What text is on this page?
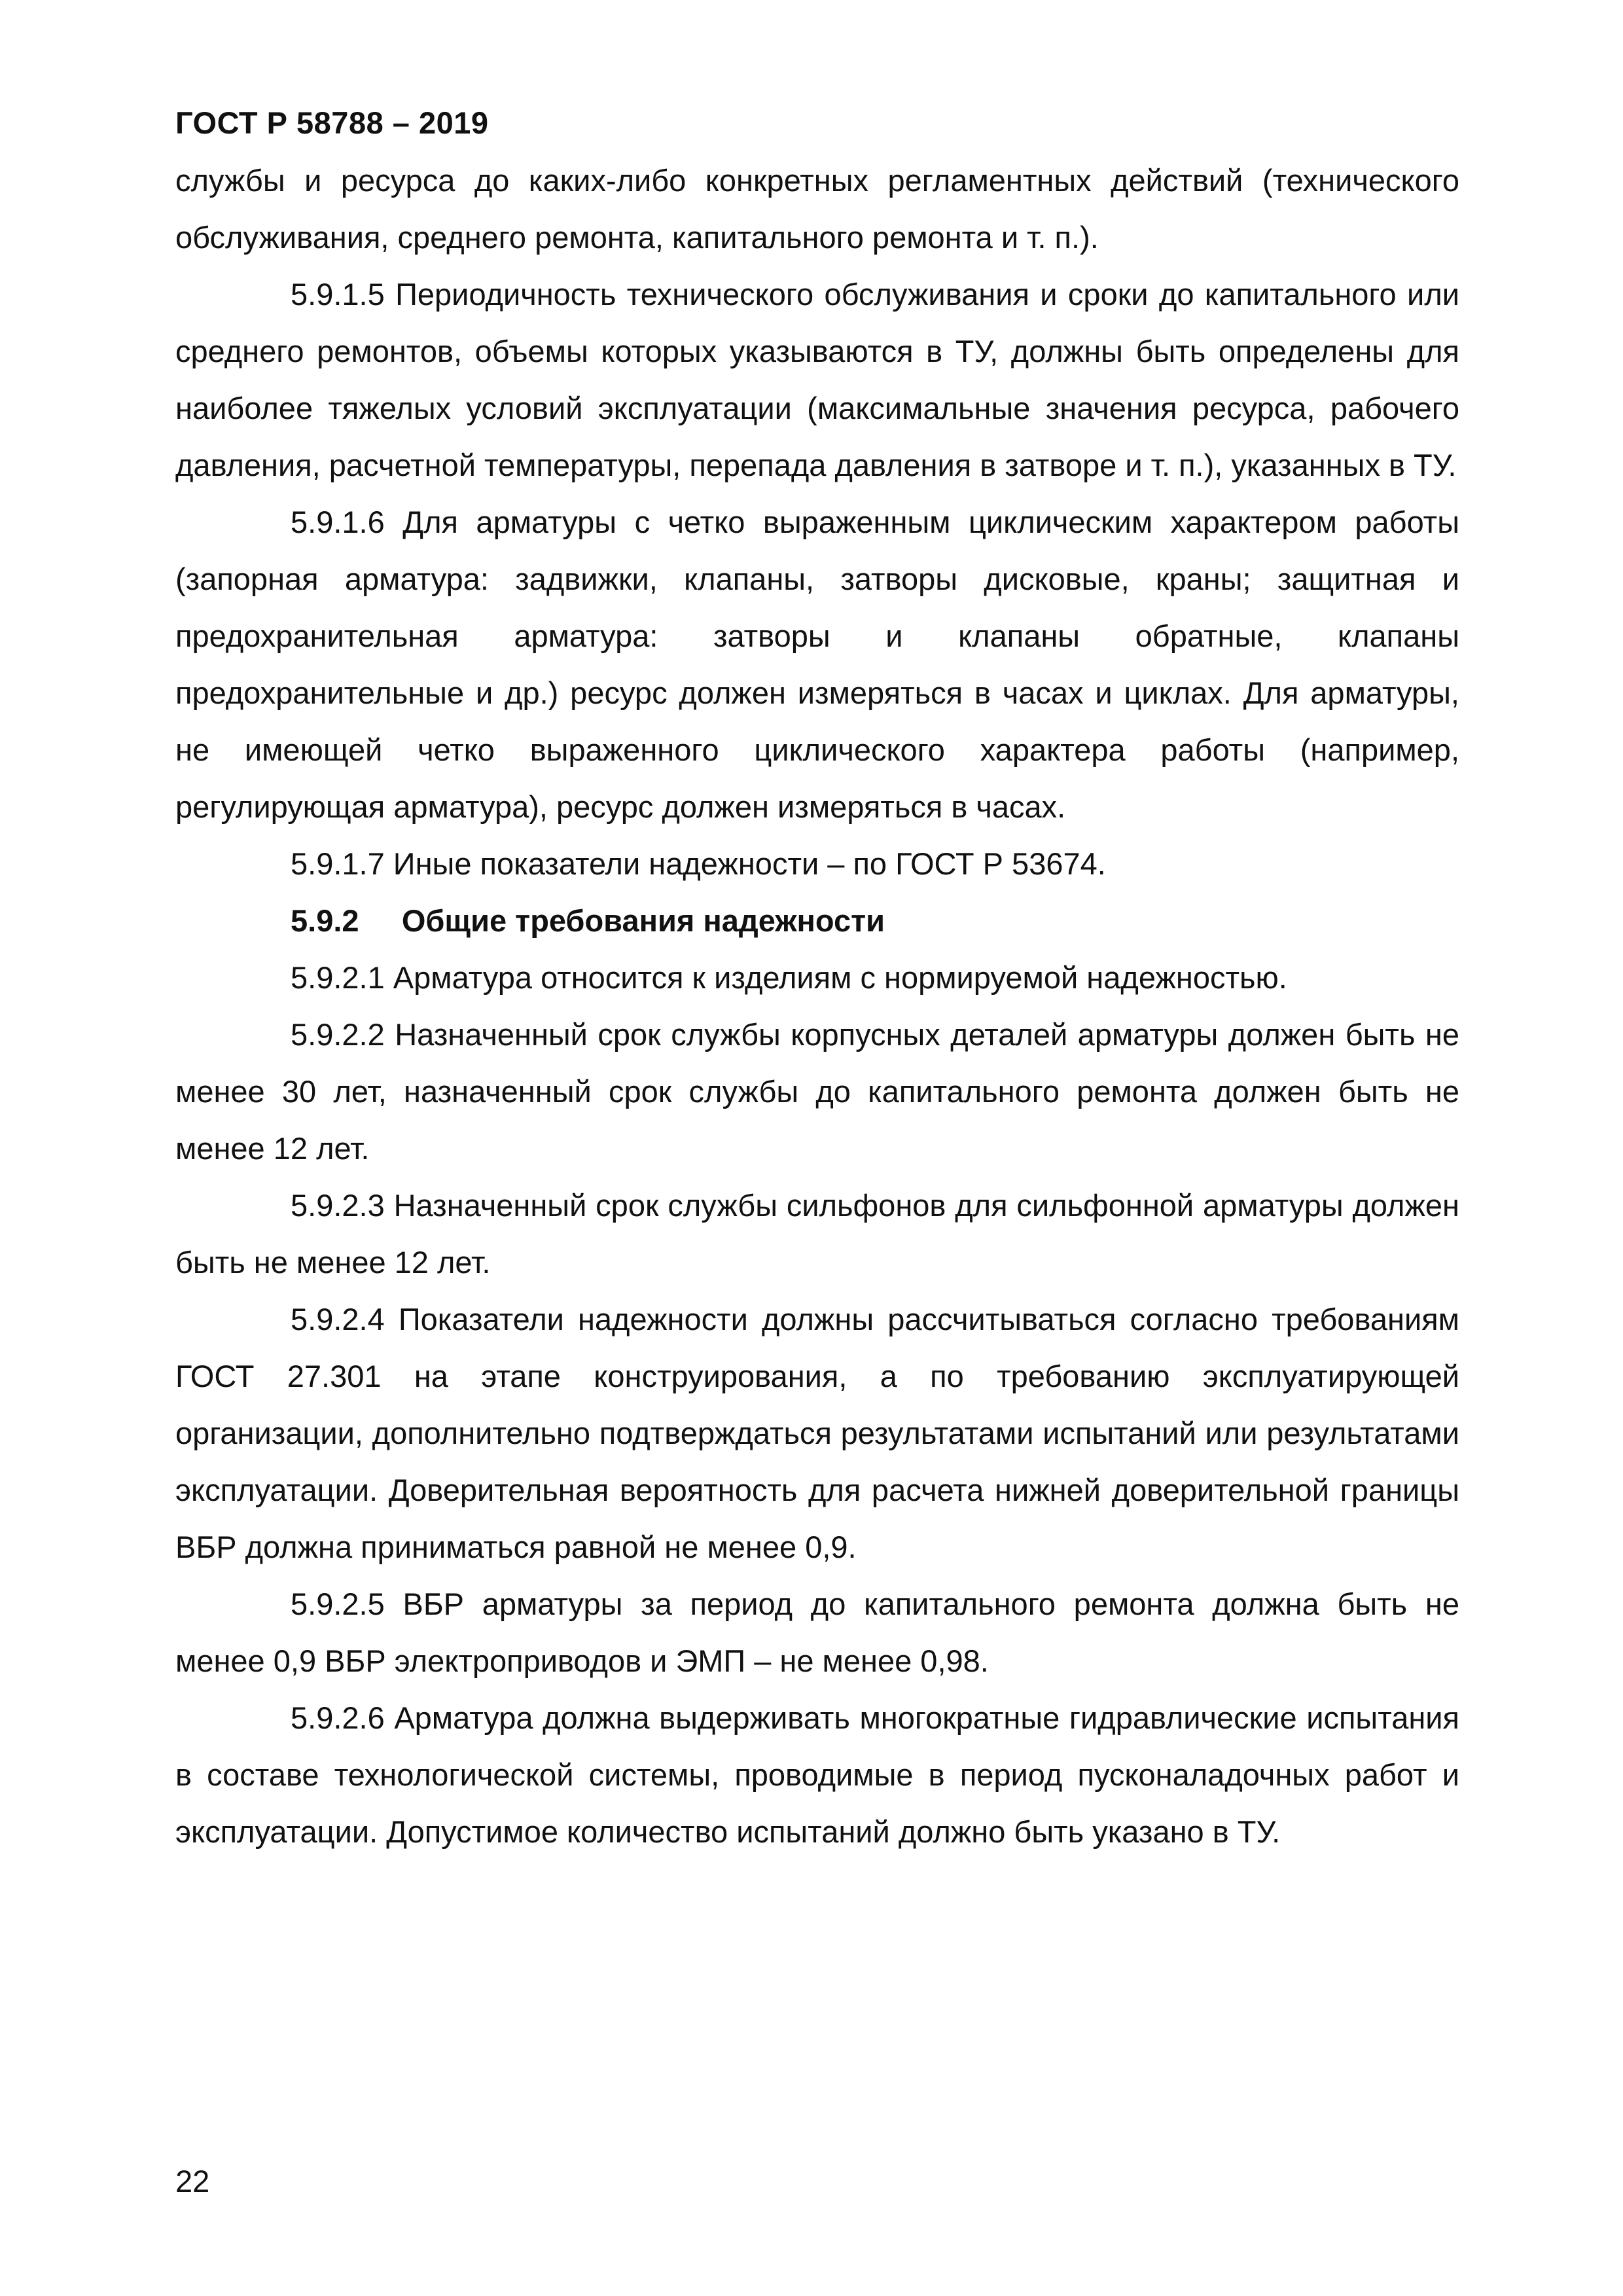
ГОСТ Р 58788 – 2019

службы и ресурса до каких-либо конкретных регламентных действий (технического обслуживания, среднего ремонта, капитального ремонта и т. п.).

5.9.1.5 Периодичность технического обслуживания и сроки до капитального или среднего ремонтов, объемы которых указываются в ТУ, должны быть определены для наиболее тяжелых условий эксплуатации (максимальные значения ресурса, рабочего давления, расчетной температуры, перепада давления в затворе и т. п.), указанных в ТУ.

5.9.1.6 Для арматуры с четко выраженным циклическим характером работы (запорная арматура: задвижки, клапаны, затворы дисковые, краны; защитная и предохранительная арматура: затворы и клапаны обратные, клапаны предохранительные и др.) ресурс должен измеряться в часах и циклах. Для арматуры, не имеющей четко выраженного циклического характера работы (например, регулирующая арматура), ресурс должен измеряться в часах.

5.9.1.7 Иные показатели надежности – по ГОСТ Р 53674.

5.9.2 Общие требования надежности

5.9.2.1 Арматура относится к изделиям с нормируемой надежностью.

5.9.2.2 Назначенный срок службы корпусных деталей арматуры должен быть не менее 30 лет, назначенный срок службы до капитального ремонта должен быть не менее 12 лет.

5.9.2.3 Назначенный срок службы сильфонов для сильфонной арматуры должен быть не менее 12 лет.

5.9.2.4 Показатели надежности должны рассчитываться согласно требованиям ГОСТ 27.301 на этапе конструирования, а по требованию эксплуатирующей организации, дополнительно подтверждаться результатами испытаний или результатами эксплуатации. Доверительная вероятность для расчета нижней доверительной границы ВБР должна приниматься равной не менее 0,9.

5.9.2.5 ВБР арматуры за период до капитального ремонта должна быть не менее 0,9 ВБР электроприводов и ЭМП – не менее 0,98.

5.9.2.6 Арматура должна выдерживать многократные гидравлические испытания в составе технологической системы, проводимые в период пусконаладочных работ и эксплуатации. Допустимое количество испытаний должно быть указано в ТУ.

22
